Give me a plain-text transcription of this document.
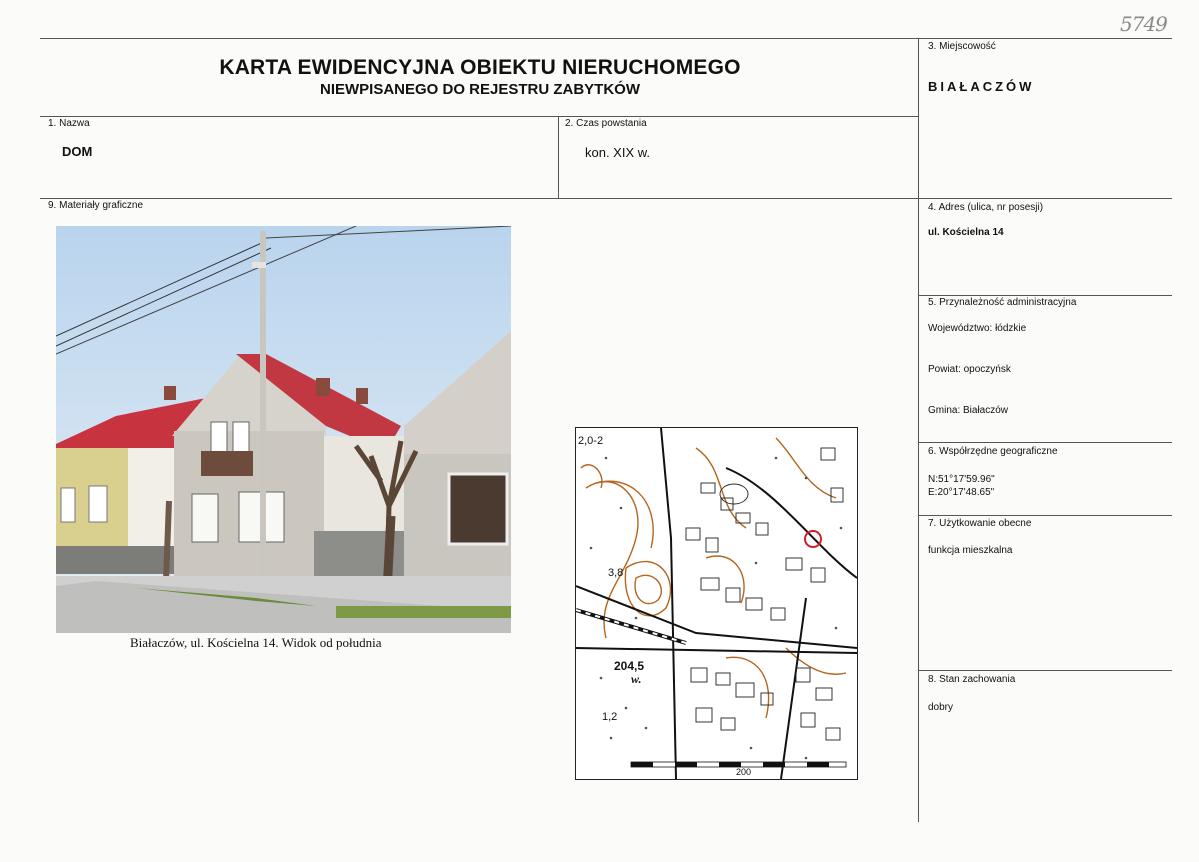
5749
KARTA EWIDENCYJNA OBIEKTU NIERUCHOMEGO
NIEWPISANEGO DO REJESTRU ZABYTKÓW
3. Miejscowość
BIAŁACZÓW
1. Nazwa
DOM
2. Czas powstania
kon. XIX w.
9. Materiały graficzne	4. Adres (ulica, nr posesji)
ul. Kościelna 14
5. Przynależność administracyjna
Województwo: łódzkie
Powiat: opoczyńsk
Gmina: Białaczów
6. Współrzędne geograficzne
N:51°17'59.96"
E:20°17'48.65"
7. Użytkowanie obecne
funkcja mieszkalna
8. Stan zachowania
dobry
Białaczów, ul. Kościelna 14. Widok od południa
2,0-2
3,8
204,5
w.
1,2
200
